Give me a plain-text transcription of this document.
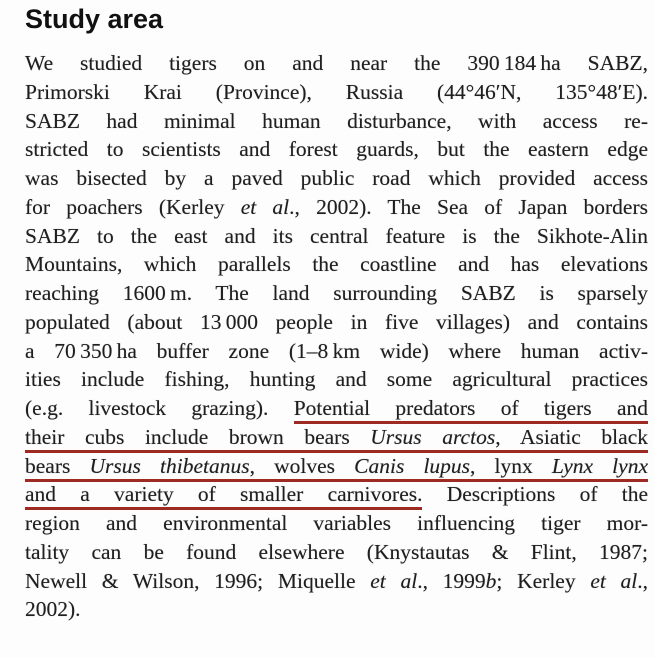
Study area
We studied tigers on and near the 390 184 ha SABZ,
Primorski Krai (Province), Russia (44°46′N, 135°48′E).
SABZ had minimal human disturbance, with access re-
stricted to scientists and forest guards, but the eastern edge
was bisected by a paved public road which provided access
for poachers (Kerley et al., 2002). The Sea of Japan borders
SABZ to the east and its central feature is the Sikhote-Alin
Mountains, which parallels the coastline and has elevations
reaching 1600 m. The land surrounding SABZ is sparsely
populated (about 13 000 people in five villages) and contains
a 70 350 ha buffer zone (1–8 km wide) where human activ-
ities include fishing, hunting and some agricultural practices
(e.g. livestock grazing). Potential predators of tigers and
their cubs include brown bears Ursus arctos, Asiatic black
bears Ursus thibetanus, wolves Canis lupus, lynx Lynx lynx
and a variety of smaller carnivores. Descriptions of the
region and environmental variables influencing tiger mor-
tality can be found elsewhere (Knystautas & Flint, 1987;
Newell & Wilson, 1996; Miquelle et al., 1999b; Kerley et al.,
2002).
